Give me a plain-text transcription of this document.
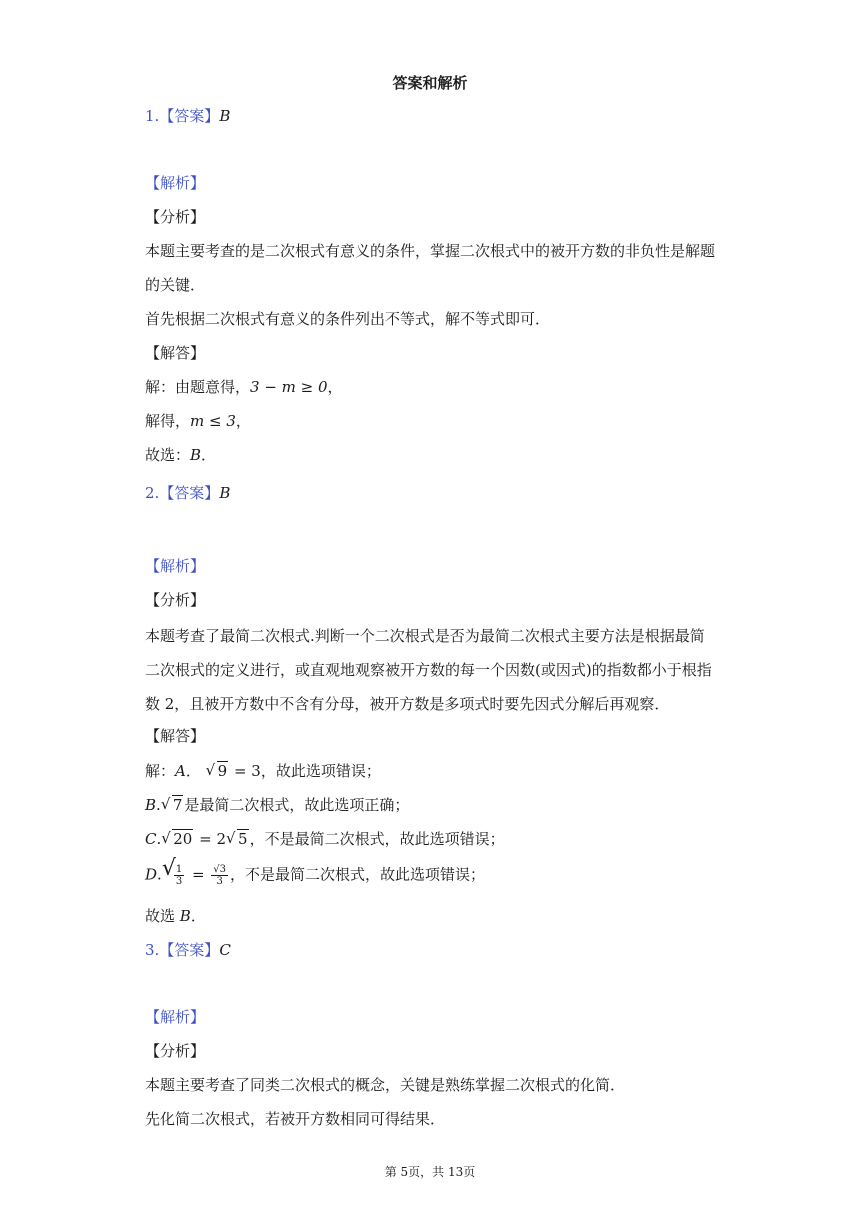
答案和解析
1.【答案】B
【解析】
【分析】
本题主要考查的是二次根式有意义的条件，掌握二次根式中的被开方数的非负性是解题
的关键．
首先根据二次根式有意义的条件列出不等式，解不等式即可．
【解答】
解：由题意得，3 − m ≥ 0，
解得，m ≤ 3，
故选：B．
2.【答案】B
【解析】
【分析】
本题考查了最简二次根式.判断一个二次根式是否为最简二次根式主要方法是根据最简
二次根式的定义进行，或直观地观察被开方数的每一个因数(或因式)的指数都小于根指
数 2，且被开方数中不含有分母，被开方数是多项式时要先因式分解后再观察．
【解答】
解：A． √ 9 = 3，故此选项错误；
B. √ 7 是最简二次根式，故此选项正确；
C. √ 20 = 2 √ 5 ，不是最简二次根式，故此选项错误；
D. √
$\frac{1}{3} = \frac{√3}{3}$ ，不是最简二次根式，故此选项错误；
故选 B．
3.【答案】C
【解析】
【分析】
本题主要考查了同类二次根式的概念，关键是熟练掌握二次根式的化简．
先化简二次根式，若被开方数相同可得结果．
第 5页，共 13页
